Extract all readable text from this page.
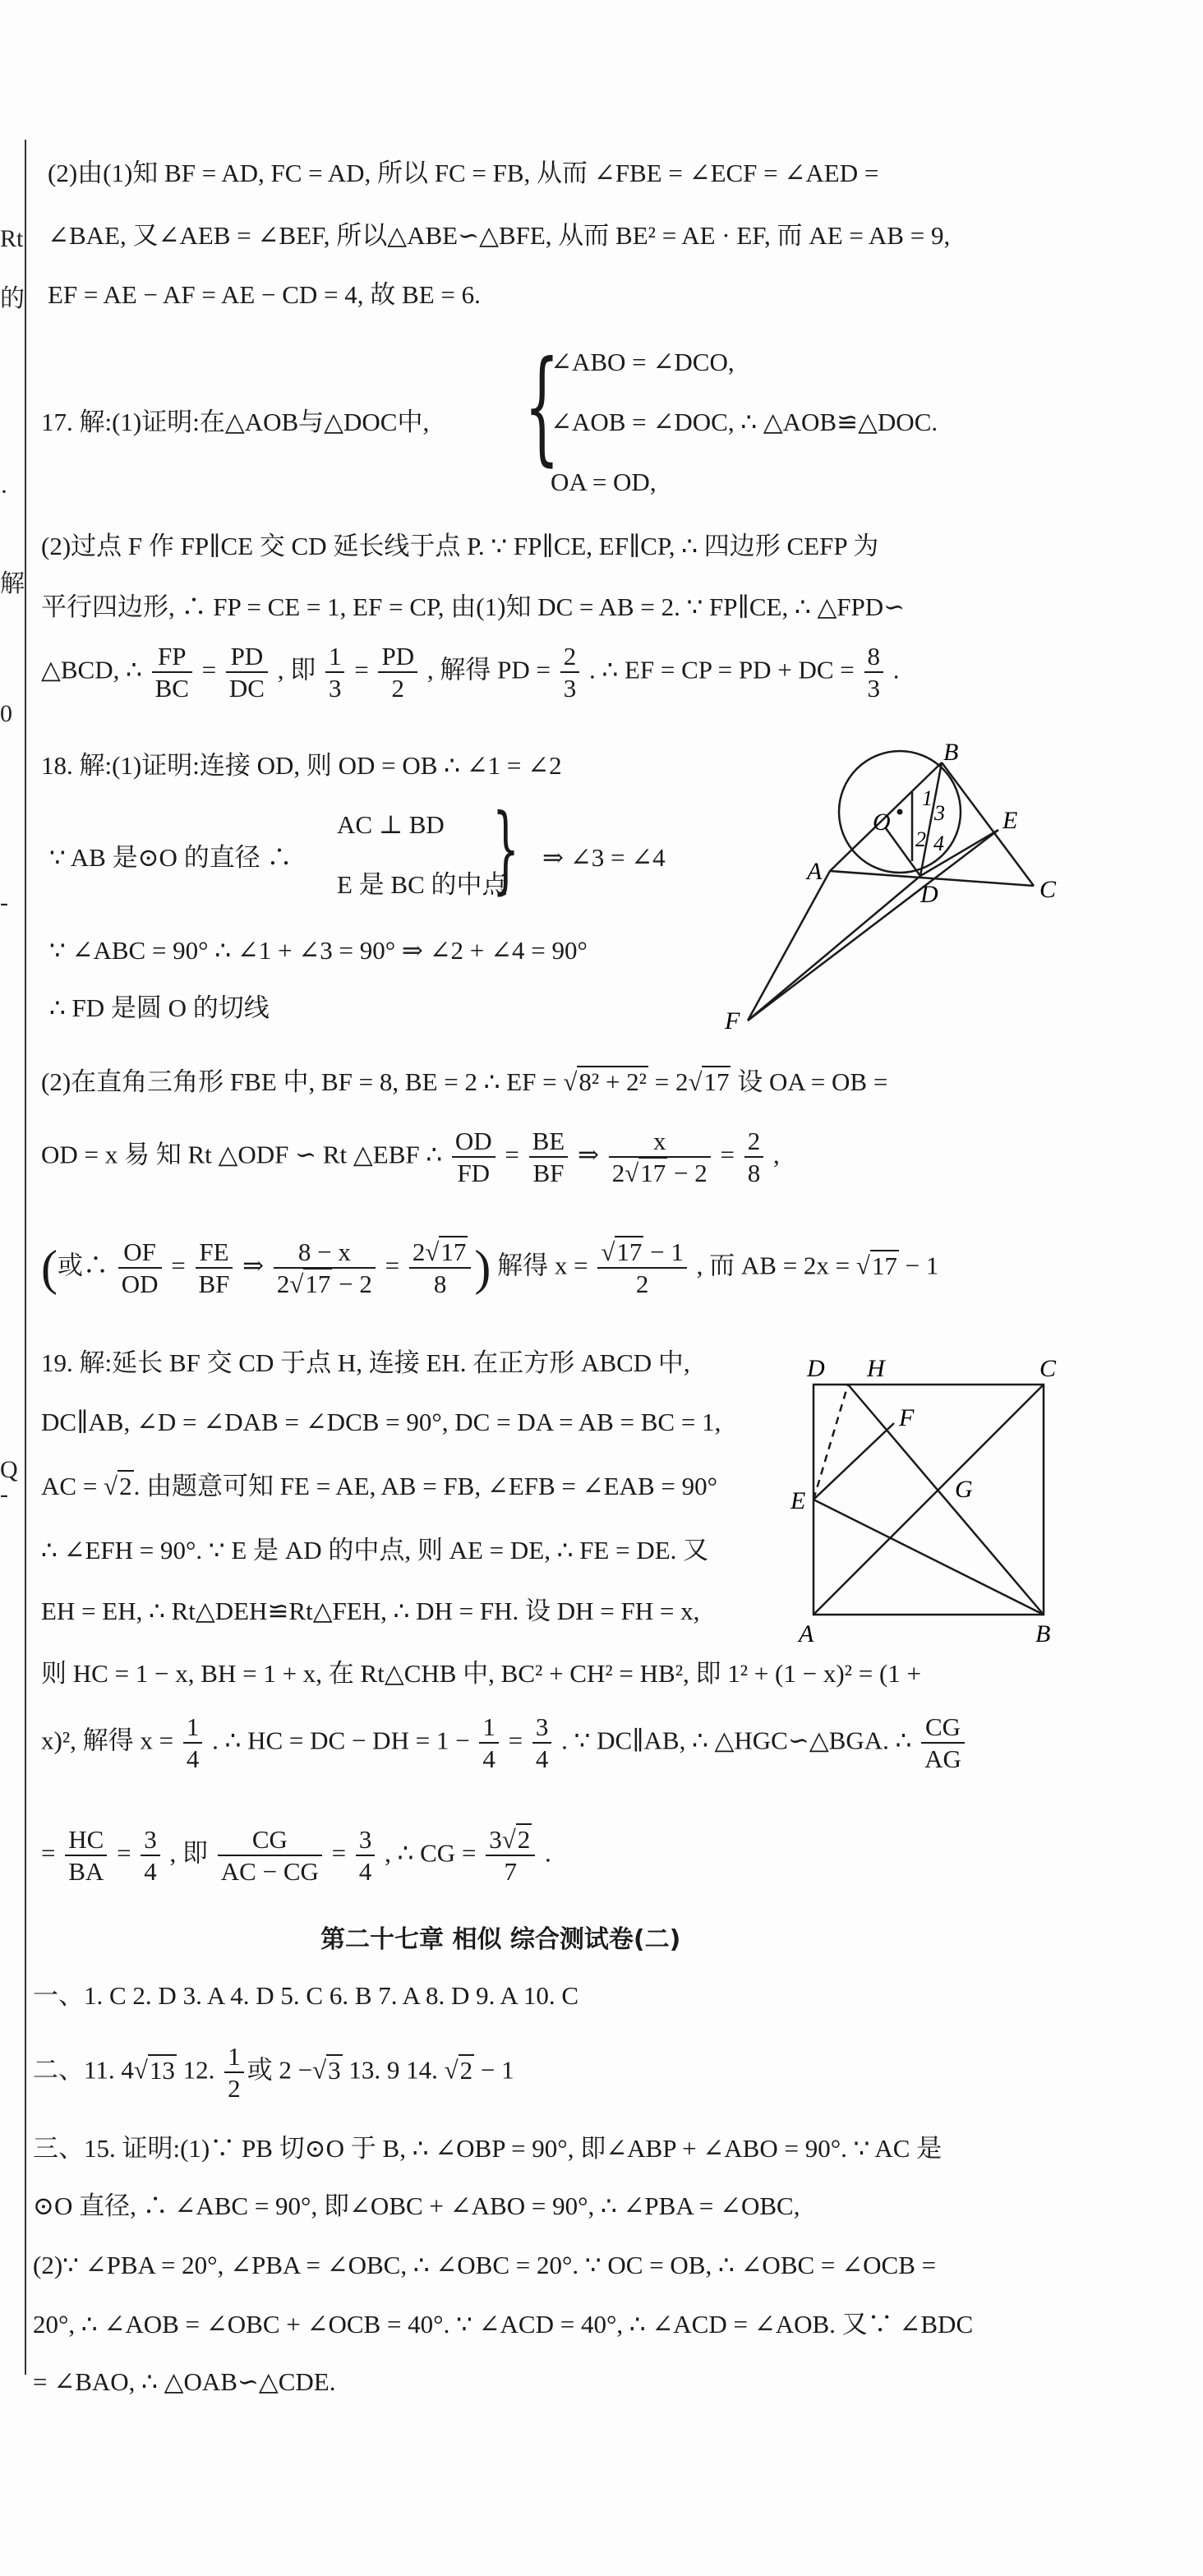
Rt
的
·
解
0
-
Q
-
(2)由(1)知 BF = AD, FC = AD, 所以 FC = FB, 从而 ∠FBE = ∠ECF = ∠AED =
∠BAE, 又∠AEB = ∠BEF, 所以△ABE∽△BFE, 从而 BE² = AE · EF, 而 AE = AB = 9,
EF = AE − AF = AE − CD = 4, 故 BE = 6.
17. 解:(1)证明:在△AOB与△DOC中, {
∠ABO = ∠DCO,
∠AOB = ∠DOC, ∴ △AOB≌△DOC.
OA = OD,
(2)过点 F 作 FP∥CE 交 CD 延长线于点 P. ∵ FP∥CE, EF∥CP, ∴ 四边形 CEFP 为
平行四边形, ∴ FP = CE = 1, EF = CP, 由(1)知 DC = AB = 2. ∵ FP∥CE, ∴ △FPD∽
△BCD, ∴ $\frac{FP}{BC} = \frac{PD}{DC}$ , 即 $\frac{1}{3} = \frac{PD}{2}$ , 解得 PD = $\frac{2}{3}$ . ∴ EF = CP = PD + DC = $\frac{8}{3}$ .
18. 解:(1)证明:连接 OD, 则 OD = OB ∴ ∠1 = ∠2
AC ⊥ BD
∵ AB 是⊙O 的直径 ∴
E 是 BC 的中点
{ ⇒ ∠3 = ∠4
∵ ∠ABC = 90° ∴ ∠1 + ∠3 = 90° ⇒ ∠2 + ∠4 = 90°
∴ FD 是圆 O 的切线
B
O
1
3
2 4
E
A
D	C
F
(2)在直角三角形 FBE 中, BF = 8, BE = 2 ∴ EF = √8² + 2² = 2√17 设 OA = OB =
OD = x 易 知 Rt △ODF ∽ Rt △EBF ∴ $\frac{OD}{FD} = \frac{BE}{BF}$ ⇒ $\frac{x}{2√17 - 2} = \frac{2}{8}$ ,
(或∴ $\frac{OF}{OD} = \frac{FE}{BF}$ ⇒ $\frac{8 - x}{2√17 - 2} = \frac{2√17}{8}$ ) 解得 $x = \frac{√17 - 1}{2}$ , 而 AB = 2x = √17 − 1
19. 解:延长 BF 交 CD 于点 H, 连接 EH. 在正方形 ABCD 中,
DC∥AB, ∠D = ∠DAB = ∠DCB = 90°, DC = DA = AB = BC = 1,
AC = √2. 由题意可知 FE = AE, AB = FB, ∠EFB = ∠EAB = 90°
∴ ∠EFH = 90°. ∵ E 是 AD 的中点, 则 AE = DE, ∴ FE = DE. 又
EH = EH, ∴ Rt△DEH≌Rt△FEH, ∴ DH = FH. 设 DH = FH = x,
则 HC = 1 − x, BH = 1 + x, 在 Rt△CHB 中, BC² + CH² = HB², 即 1² + (1 − x)² = (1 +
x)², 解得 $x = \frac{1}{4}$ . ∴ HC = DC − DH = $1 - \frac{1}{4} = \frac{3}{4}$ . ∵ DC∥AB, ∴ △HGC∽△BGA. ∴ $\frac{CG}{AG}$
= $\frac{HC}{BA} = \frac{3}{4}$ , 即 $\frac{CG}{AC - CG} = \frac{3}{4}$ , ∴ CG = $\frac{3√2}{7}$ .
D H	C
F
E	G
A	B
第二十七章 相似 综合测试卷(二)
一、1. C 2. D 3. A 4. D 5. C 6. B 7. A 8. D 9. A 10. C
二、11. 4√13 12. $\frac{1}{2}$ 或 2 −√3 13. 9 14. √2 − 1
三、15. 证明:(1)∵ PB 切⊙O 于 B, ∴ ∠OBP = 90°, 即∠ABP + ∠ABO = 90°. ∵ AC 是
⊙O 直径, ∴ ∠ABC = 90°, 即∠OBC + ∠ABO = 90°, ∴ ∠PBA = ∠OBC,
(2)∵ ∠PBA = 20°, ∠PBA = ∠OBC, ∴ ∠OBC = 20°. ∵ OC = OB, ∴ ∠OBC = ∠OCB =
20°, ∴ ∠AOB = ∠OBC + ∠OCB = 40°. ∵ ∠ACD = 40°, ∴ ∠ACD = ∠AOB. 又∵ ∠BDC
= ∠BAO, ∴ △OAB∽△CDE.
